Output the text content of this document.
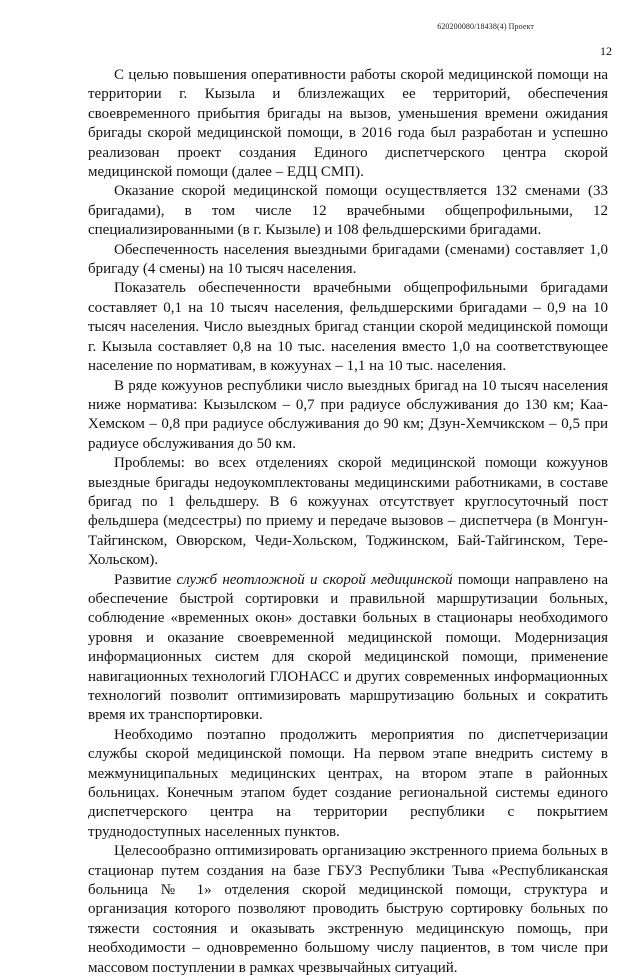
620200080/18438(4) Проект
12

С целью повышения оперативности работы скорой медицинской помощи на территории г. Кызыла и близлежащих ее территорий, обеспечения своевременного прибытия бригады на вызов, уменьшения времени ожидания бригады скорой медицинской помощи, в 2016 года был разработан и успешно реализован проект создания Единого диспетчерского центра скорой медицинской помощи (далее – ЕДЦ СМП).

Оказание скорой медицинской помощи осуществляется 132 сменами (33 бригадами), в том числе 12 врачебными общепрофильными, 12 специализированными (в г. Кызыле) и 108 фельдшерскими бригадами.

Обеспеченность населения выездными бригадами (сменами) составляет 1,0 бригаду (4 смены) на 10 тысяч населения.

Показатель обеспеченности врачебными общепрофильными бригадами составляет 0,1 на 10 тысяч населения, фельдшерскими бригадами – 0,9 на 10 тысяч населения. Число выездных бригад станции скорой медицинской помощи г. Кызыла составляет 0,8 на 10 тыс. населения вместо 1,0 на соответствующее население по нормативам, в кожуунах – 1,1 на 10 тыс. населения.

В ряде кожуунов республики число выездных бригад на 10 тысяч населения ниже норматива: Кызылском – 0,7 при радиусе обслуживания до 130 км; Каа-Хемском – 0,8 при радиусе обслуживания до 90 км; Дзун-Хемчикском – 0,5 при радиусе обслуживания до 50 км.

Проблемы: во всех отделениях скорой медицинской помощи кожуунов выездные бригады недоукомплектованы медицинскими работниками, в составе бригад по 1 фельдшеру. В 6 кожуунах отсутствует круглосуточный пост фельдшера (медсестры) по приему и передаче вызовов – диспетчера (в Монгун-Тайгинском, Овюрском, Чеди-Хольском, Тоджинском, Бай-Тайгинском, Тере-Хольском).

Развитие служб неотложной и скорой медицинской помощи направлено на обеспечение быстрой сортировки и правильной маршрутизации больных, соблюдение «временных окон» доставки больных в стационары необходимого уровня и оказание своевременной медицинской помощи. Модернизация информационных систем для скорой медицинской помощи, применение навигационных технологий ГЛОНАСС и других современных информационных технологий позволит оптимизировать маршрутизацию больных и сократить время их транспортировки.

Необходимо поэтапно продолжить мероприятия по диспетчеризации службы скорой медицинской помощи. На первом этапе внедрить систему в межмуниципальных медицинских центрах, на втором этапе в районных больницах. Конечным этапом будет создание региональной системы единого диспетчерского центра на территории республики с покрытием труднодоступных населенных пунктов.

Целесообразно оптимизировать организацию экстренного приема больных в стационар путем создания на базе ГБУЗ Республики Тыва «Республиканская больница № 1» отделения скорой медицинской помощи, структура и организация которого позволяют проводить быструю сортировку больных по тяжести состояния и оказывать экстренную медицинскую помощь, при необходимости – одновременно большому числу пациентов, в том числе при массовом поступлении в рамках чрезвычайных ситуаций.
